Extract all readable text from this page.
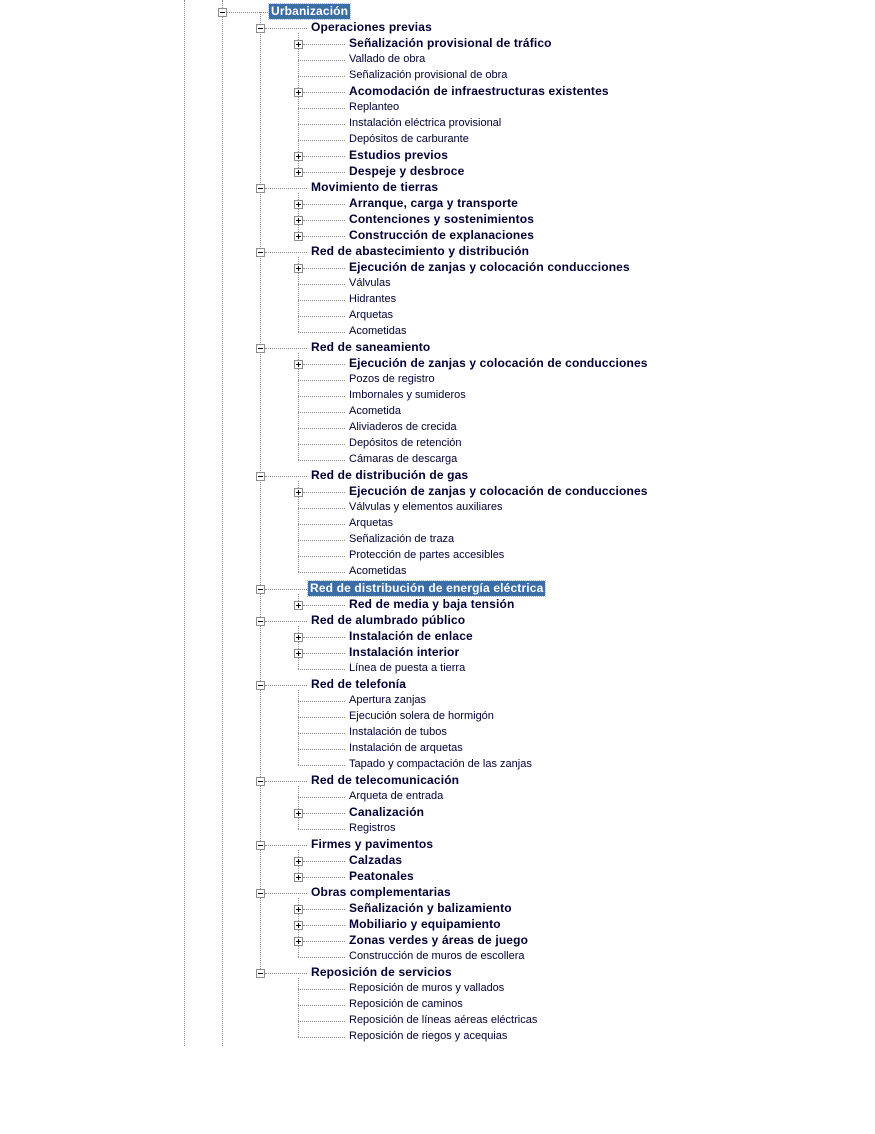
Urbanización
Operaciones previas
Señalización provisional de tráfico
Vallado de obra
Señalización provisional de obra
Acomodación de infraestructuras existentes
Replanteo
Instalación eléctrica provisional
Depósitos de carburante
Estudios previos
Despeje y desbroce
Movimiento de tierras
Arranque, carga y transporte
Contenciones y sostenimientos
Construcción de explanaciones
Red de abastecimiento y distribución
Ejecución de zanjas y colocación conducciones
Válvulas
Hidrantes
Arquetas
Acometidas
Red de saneamiento
Ejecución de zanjas y colocación de conducciones
Pozos de registro
Imbornales y sumideros
Acometida
Aliviaderos de crecida
Depósitos de retención
Cámaras de descarga
Red de distribución de gas
Ejecución de zanjas y colocación de conducciones
Válvulas y elementos auxiliares
Arquetas
Señalización de traza
Protección de partes accesibles
Acometidas
Red de distribución de energía eléctrica
Red de media y baja tensión
Red de alumbrado público
Instalación de enlace
Instalación interior
Línea de puesta a tierra
Red de telefonía
Apertura zanjas
Ejecución solera de hormigón
Instalación de tubos
Instalación de arquetas
Tapado y compactación de las zanjas
Red de telecomunicación
Arqueta de entrada
Canalización
Registros
Firmes y pavimentos
Calzadas
Peatonales
Obras complementarias
Señalización y balizamiento
Mobiliario y equipamiento
Zonas verdes y áreas de juego
Construcción de muros de escollera
Reposición de servicios
Reposición de muros y vallados
Reposición de caminos
Reposición de líneas aéreas eléctricas
Reposición de riegos y acequias
